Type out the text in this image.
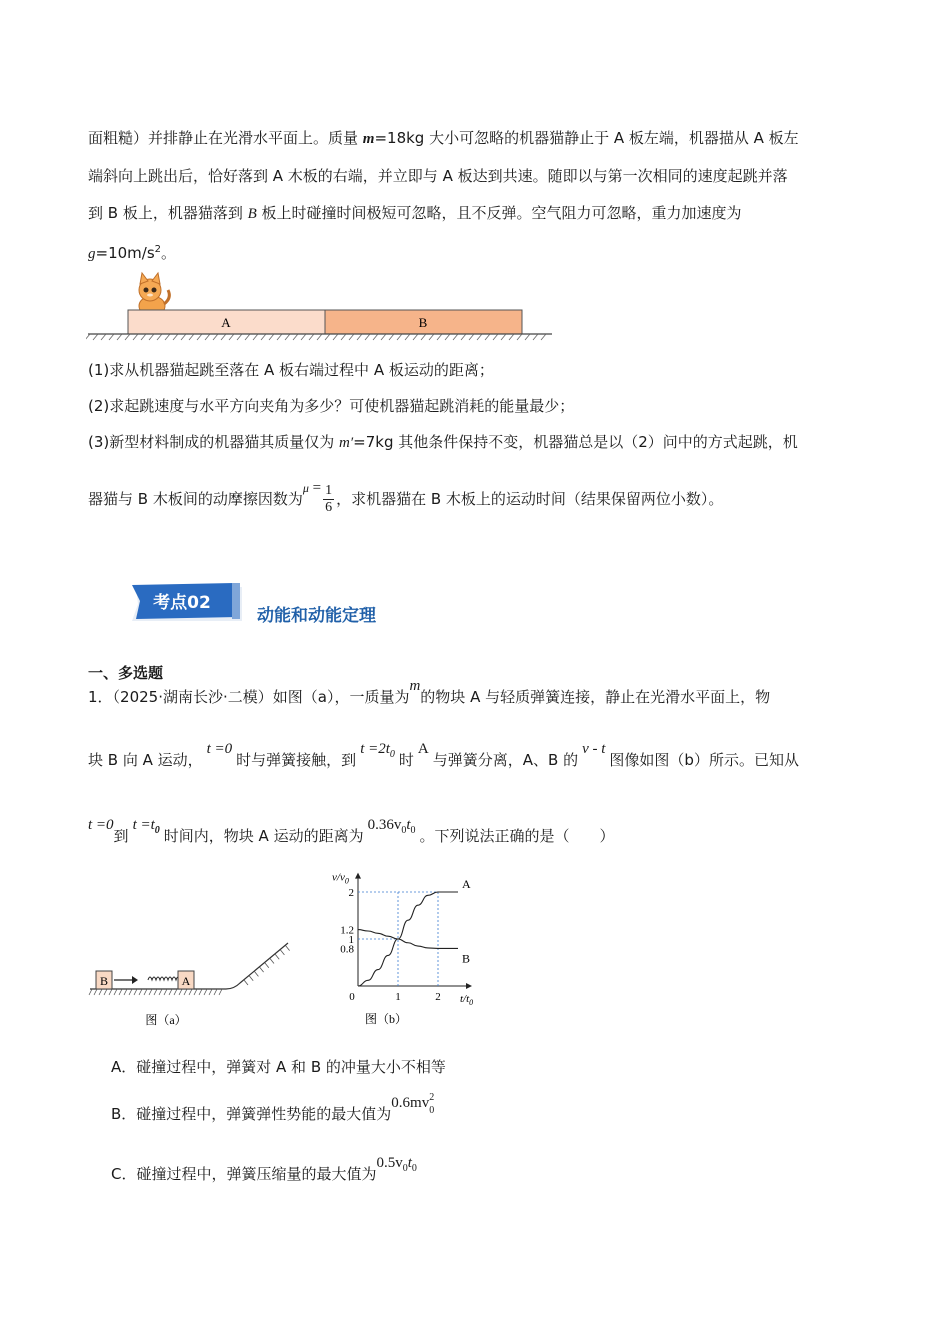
面粗糙）并排静止在光滑水平面上。质量 m=18kg 大小可忽略的机器猫静止于 A 板左端，机器描从 A 板左
端斜向上跳出后，恰好落到 A 木板的右端，并立即与 A 板达到共速。随即以与第一次相同的速度起跳并落
到 B 板上，机器猫落到 B 板上时碰撞时间极短可忽略，且不反弹。空气阻力可忽略，重力加速度为
$g=10m/s^2$。
A	B
(1)求从机器猫起跳至落在 A 板右端过程中 A 板运动的距离；
(2)求起跳速度与水平方向夹角为多少？可使机器猫起跳消耗的能量最少；
(3)新型材料制成的机器猫其质量仅为 m′=7kg 其他条件保持不变，机器猫总是以（2）问中的方式起跳，机
器猫与 B 木板间的动摩擦因数为$^\mu = \frac{1}{6}$ ，求机器猫在 B 木板上的运动时间（结果保留两位小数）。
考点02
动能和动能定理
一、多选题
1．（2025·湖南长沙·二模）如图（a），一质量为m的物块 A 与轻质弹簧连接，静止在光滑水平面上，物
块 B 向 A 运动，t =0时与弹簧接触，到$t =2t_0$ 时A与弹簧分离，A、B 的v - t图像如图（b）所示。已知从
t =0到$t =t_0$ 时间内，物块 A 运动的距离为$0.36v_0t_0$ 。下列说法正确的是（　　）
B	A
图（a）
2
1.2
1
0.8
1	2
0
$v/v_0$
$t/t_0$
A
B
图（b）
A．碰撞过程中，弹簧对 A 和 B 的冲量大小不相等
B．碰撞过程中，弹簧弹性势能的最大值为0.6mv 2
0
C．碰撞过程中，弹簧压缩量的最大值为$0.5v_0t_0$
